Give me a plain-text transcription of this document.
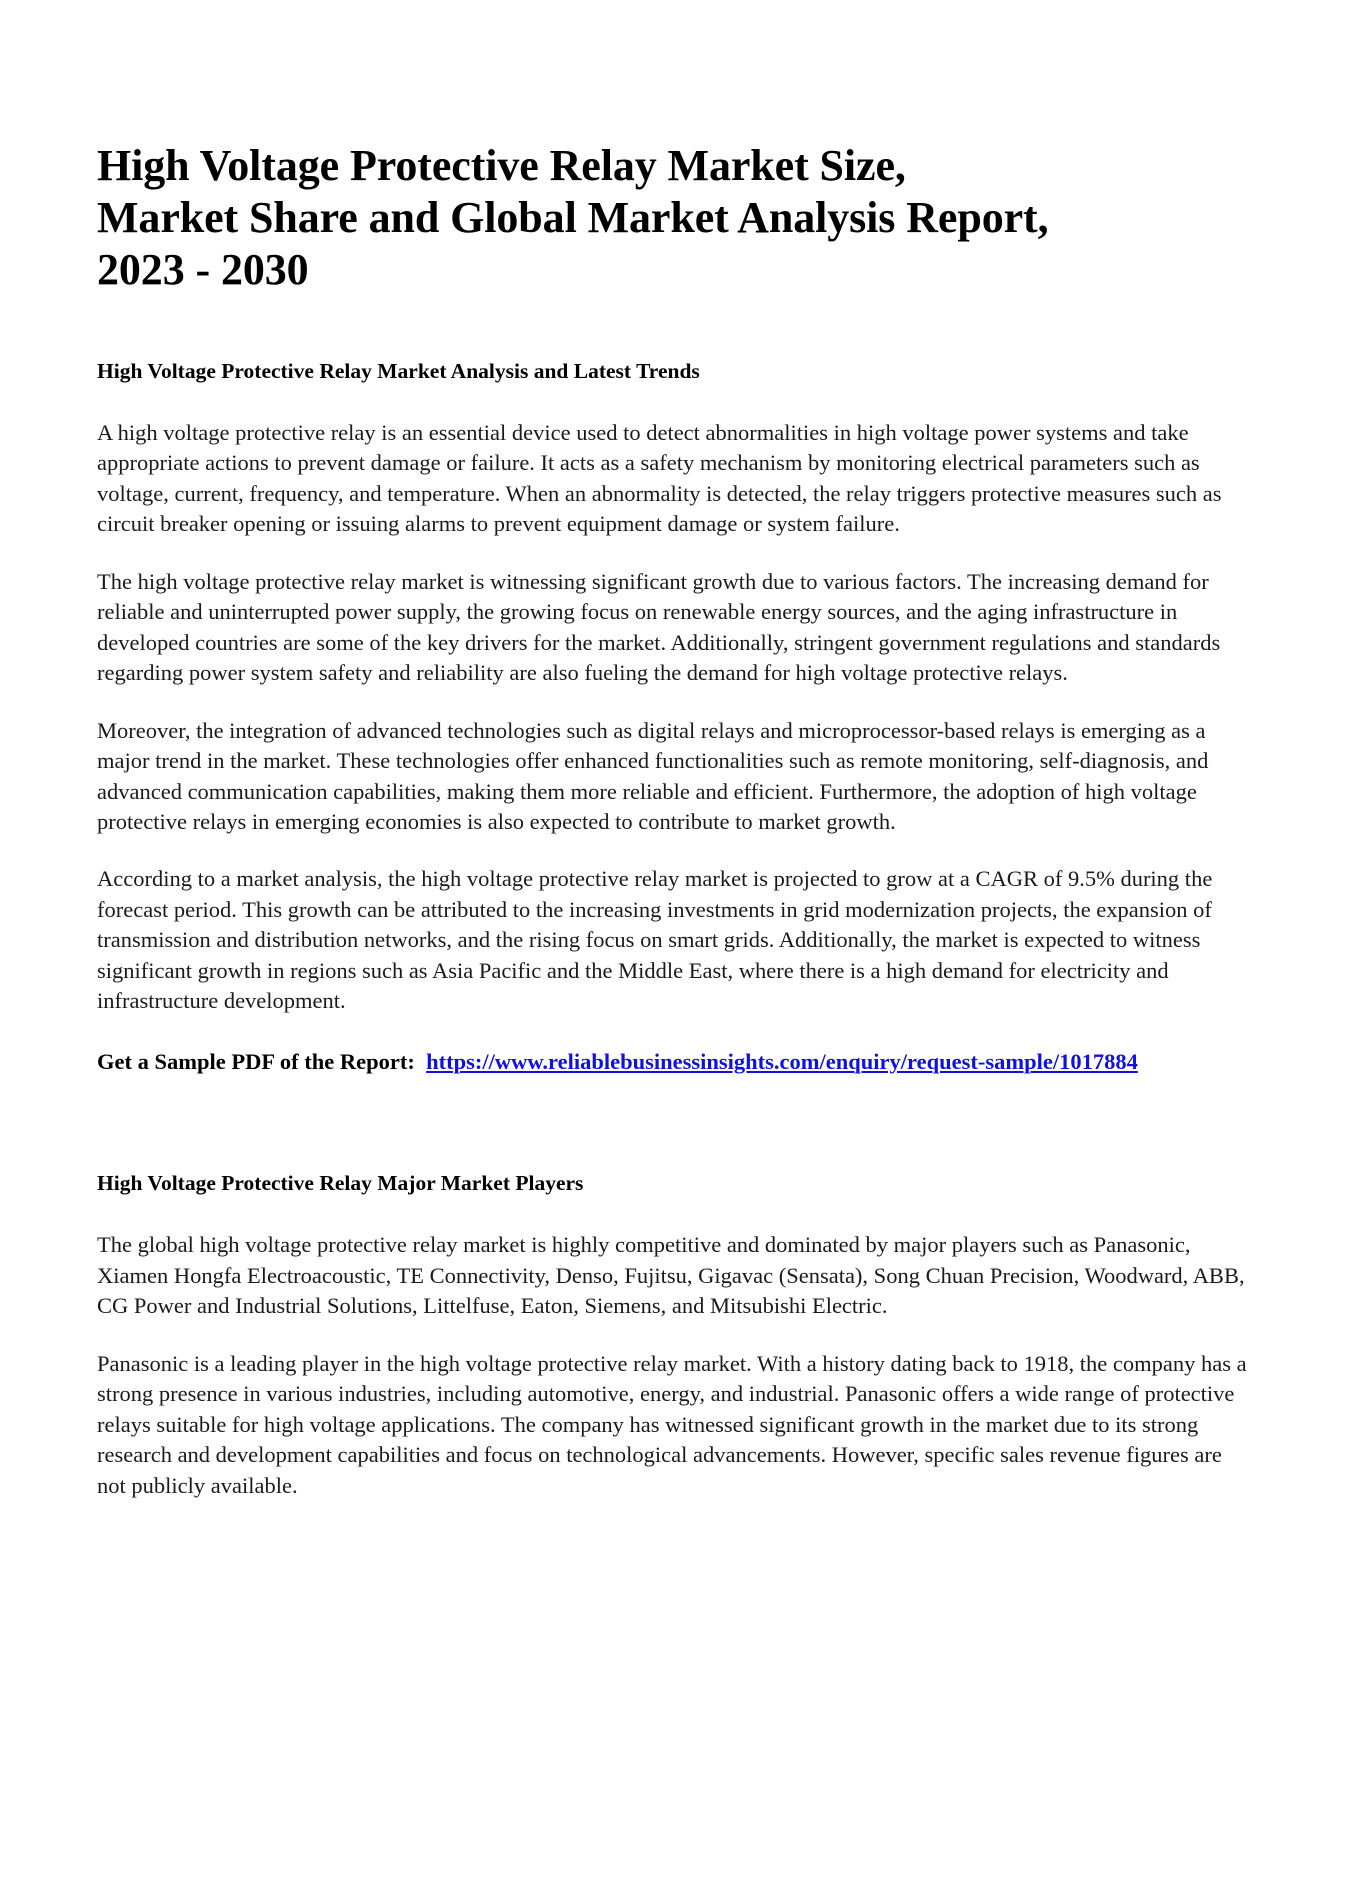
High Voltage Protective Relay Market Size, Market Share and Global Market Analysis Report, 2023 - 2030
High Voltage Protective Relay Market Analysis and Latest Trends

A high voltage protective relay is an essential device used to detect abnormalities in high voltage power systems and take appropriate actions to prevent damage or failure. It acts as a safety mechanism by monitoring electrical parameters such as voltage, current, frequency, and temperature. When an abnormality is detected, the relay triggers protective measures such as circuit breaker opening or issuing alarms to prevent equipment damage or system failure.

The high voltage protective relay market is witnessing significant growth due to various factors. The increasing demand for reliable and uninterrupted power supply, the growing focus on renewable energy sources, and the aging infrastructure in developed countries are some of the key drivers for the market. Additionally, stringent government regulations and standards regarding power system safety and reliability are also fueling the demand for high voltage protective relays.

Moreover, the integration of advanced technologies such as digital relays and microprocessor-based relays is emerging as a major trend in the market. These technologies offer enhanced functionalities such as remote monitoring, self-diagnosis, and advanced communication capabilities, making them more reliable and efficient. Furthermore, the adoption of high voltage protective relays in emerging economies is also expected to contribute to market growth.

According to a market analysis, the high voltage protective relay market is projected to grow at a CAGR of 9.5% during the forecast period. This growth can be attributed to the increasing investments in grid modernization projects, the expansion of transmission and distribution networks, and the rising focus on smart grids. Additionally, the market is expected to witness significant growth in regions such as Asia Pacific and the Middle East, where there is a high demand for electricity and infrastructure development.

Get a Sample PDF of the Report: https://www.reliablebusinessinsights.com/enquiry/request-sample/1017884
High Voltage Protective Relay Major Market Players

The global high voltage protective relay market is highly competitive and dominated by major players such as Panasonic, Xiamen Hongfa Electroacoustic, TE Connectivity, Denso, Fujitsu, Gigavac (Sensata), Song Chuan Precision, Woodward, ABB, CG Power and Industrial Solutions, Littelfuse, Eaton, Siemens, and Mitsubishi Electric.

Panasonic is a leading player in the high voltage protective relay market. With a history dating back to 1918, the company has a strong presence in various industries, including automotive, energy, and industrial. Panasonic offers a wide range of protective relays suitable for high voltage applications. The company has witnessed significant growth in the market due to its strong research and development capabilities and focus on technological advancements. However, specific sales revenue figures are not publicly available.
